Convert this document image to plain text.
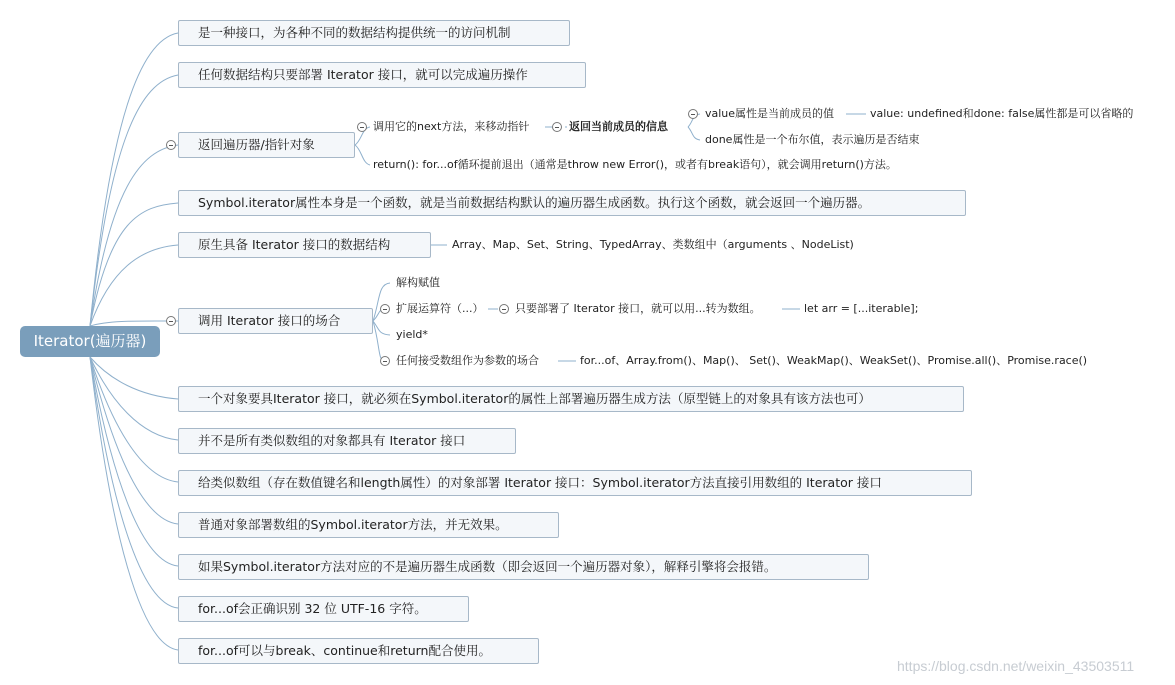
Iterator(遍历器)
是一种接口，为各种不同的数据结构提供统一的访问机制
任何数据结构只要部署 Iterator 接口，就可以完成遍历操作
返回遍历器/指针对象
调用它的next方法，来移动指针	返回当前成员的信息
value属性是当前成员的值	value: undefined和done: false属性都是可以省略的
done属性是一个布尔值，表示遍历是否结束
return(): for...of循环提前退出（通常是throw new Error()，或者有break语句），就会调用return()方法。
Symbol.iterator属性本身是一个函数，就是当前数据结构默认的遍历器生成函数。执行这个函数，就会返回一个遍历器。
原生具备 Iterator 接口的数据结构	Array、Map、Set、String、TypedArray、类数组中（arguments 、NodeList)
调用 Iterator 接口的场合
解构赋值
扩展运算符（...）	只要部署了 Iterator 接口，就可以用...转为数组。	let arr = [...iterable];
yield*
任何接受数组作为参数的场合	for...of、Array.from()、Map()、 Set()、WeakMap()、WeakSet()、Promise.all()、Promise.race()
一个对象要具Iterator 接口，就必须在Symbol.iterator的属性上部署遍历器生成方法（原型链上的对象具有该方法也可）
并不是所有类似数组的对象都具有 Iterator 接口
给类似数组（存在数值键名和length属性）的对象部署 Iterator 接口：Symbol.iterator方法直接引用数组的 Iterator 接口
普通对象部署数组的Symbol.iterator方法，并无效果。
如果Symbol.iterator方法对应的不是遍历器生成函数（即会返回一个遍历器对象），解释引擎将会报错。
for...of会正确识别 32 位 UTF-16 字符。
for...of可以与break、continue和return配合使用。
https://blog.csdn.net/weixin_43503511
